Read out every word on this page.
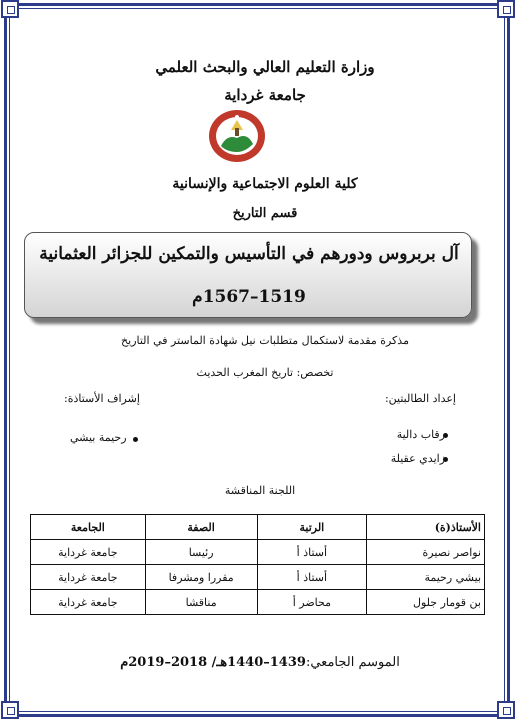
وزارة التعليم العالي والبحث العلمي
جامعة غرداية
كلية العلوم الاجتماعية والإنسانية
قسم التاريخ
آل بربروس ودورهم في التأسيس والتمكين للجزائر العثمانية
1519–1567م
مذكرة مقدمة لاستكمال متطلبات نيل شهادة الماستر في التاريخ
تخصص: تاريخ المغرب الحديث
إعداد الطالبتين:
إشراف الأستاذة:
رقاب دالية
زايدي عقيلة
رحيمة بيشي
اللجنة المناقشة
الأستاذ(ة)	الرتبة	الصفة	الجامعة
نواصر نصيرة	أستاذ أ	رئيسا	جامعة غرداية
بيشي رحيمة	أستاذ أ	مقررا ومشرفا	جامعة غرداية
بن قومار جلول	محاضر أ	مناقشا	جامعة غرداية
الموسم الجامعي:1439–1440هـ/ 2018–2019م
